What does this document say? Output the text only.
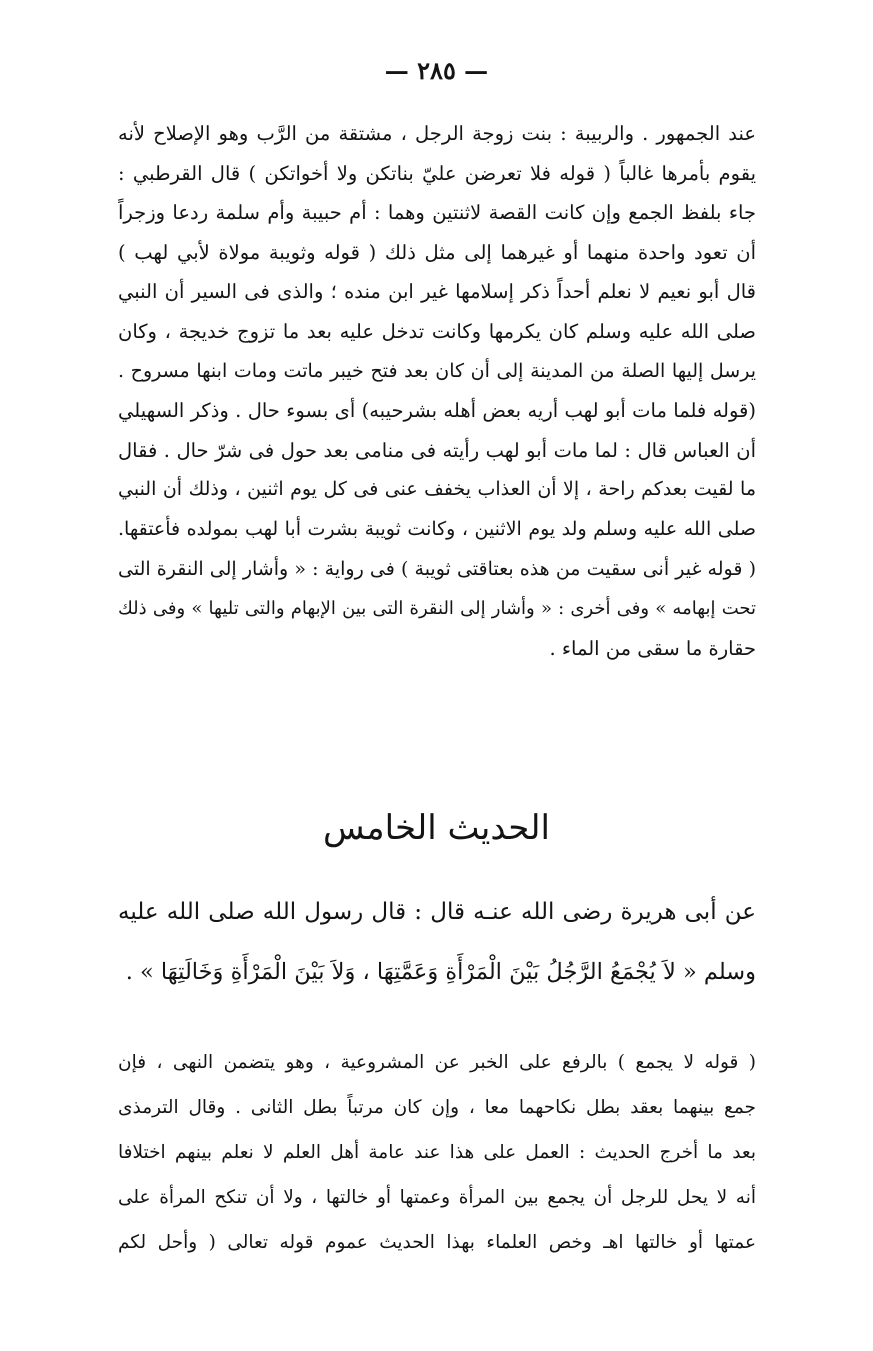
— ٢٨٥ —
عند الجمهور . والربيبة : بنت زوجة الرجل ، مشتقة من الرَّب وهو الإصلاح لأنه
يقوم بأمرها غالباً ( قوله فلا تعرضن عليّ بناتكن ولا أخواتكن ) قال القرطبي :
جاء بلفظ الجمع وإن كانت القصة لاثنتين وهما : أم حبيبة وأم سلمة ردعا وزجراً
أن تعود واحدة منهما أو غيرهما إلى مثل ذلك ( قوله وثويبة مولاة لأبي لهب )
قال أبو نعيم لا نعلم أحداً ذكر إسلامها غير ابن منده ؛ والذى فى السير أن النبي
صلى الله عليه وسلم كان يكرمها وكانت تدخل عليه بعد ما تزوج خديجة ، وكان
يرسل إليها الصلة من المدينة إلى أن كان بعد فتح خيبر ماتت ومات ابنها مسروح .
(قوله فلما مات أبو لهب أريه بعض أهله بشرحيبه) أى بسوء حال . وذكر السهيلي
أن العباس قال : لما مات أبو لهب رأيته فى منامى بعد حول فى شرّ حال . فقال
ما لقيت بعدكم راحة ، إلا أن العذاب يخفف عنى فى كل يوم اثنين ، وذلك أن النبي
صلى الله عليه وسلم ولد يوم الاثنين ، وكانت ثويبة بشرت أبا لهب بمولده فأعتقها.
( قوله غير أنى سقيت من هذه بعتاقتى ثويبة ) فى رواية : « وأشار إلى النقرة التى
تحت إبهامه » وفى أخرى : « وأشار إلى النقرة التى بين الإبهام والتى تليها » وفى ذلك
حقارة ما سقى من الماء .
الحديث الخامس
عن أبى هريرة رضى الله عنـه قال : قال رسول الله صلى الله عليه
وسلم « لاَ يُجْمَعُ الرَّجُلُ بَيْنَ الْمَرْأَةِ وَعَمَّتِهَا ، وَلاَ بَيْنَ الْمَرْأَةِ وَخَالَتِهَا » .
( قوله لا يجمع ) بالرفع على الخبر عن المشروعية ، وهو يتضمن النهى ، فإن
جمع بينهما بعقد بطل نكاحهما معا ، وإن كان مرتباً بطل الثانى . وقال الترمذى
بعد ما أخرج الحديث : العمل على هذا عند عامة أهل العلم لا نعلم بينهم اختلافا
أنه لا يحل للرجل أن يجمع بين المرأة وعمتها أو خالتها ، ولا أن تنكح المرأة على
عمتها أو خالتها اهـ وخص العلماء بهذا الحديث عموم قوله تعالى ( وأحل لكم
